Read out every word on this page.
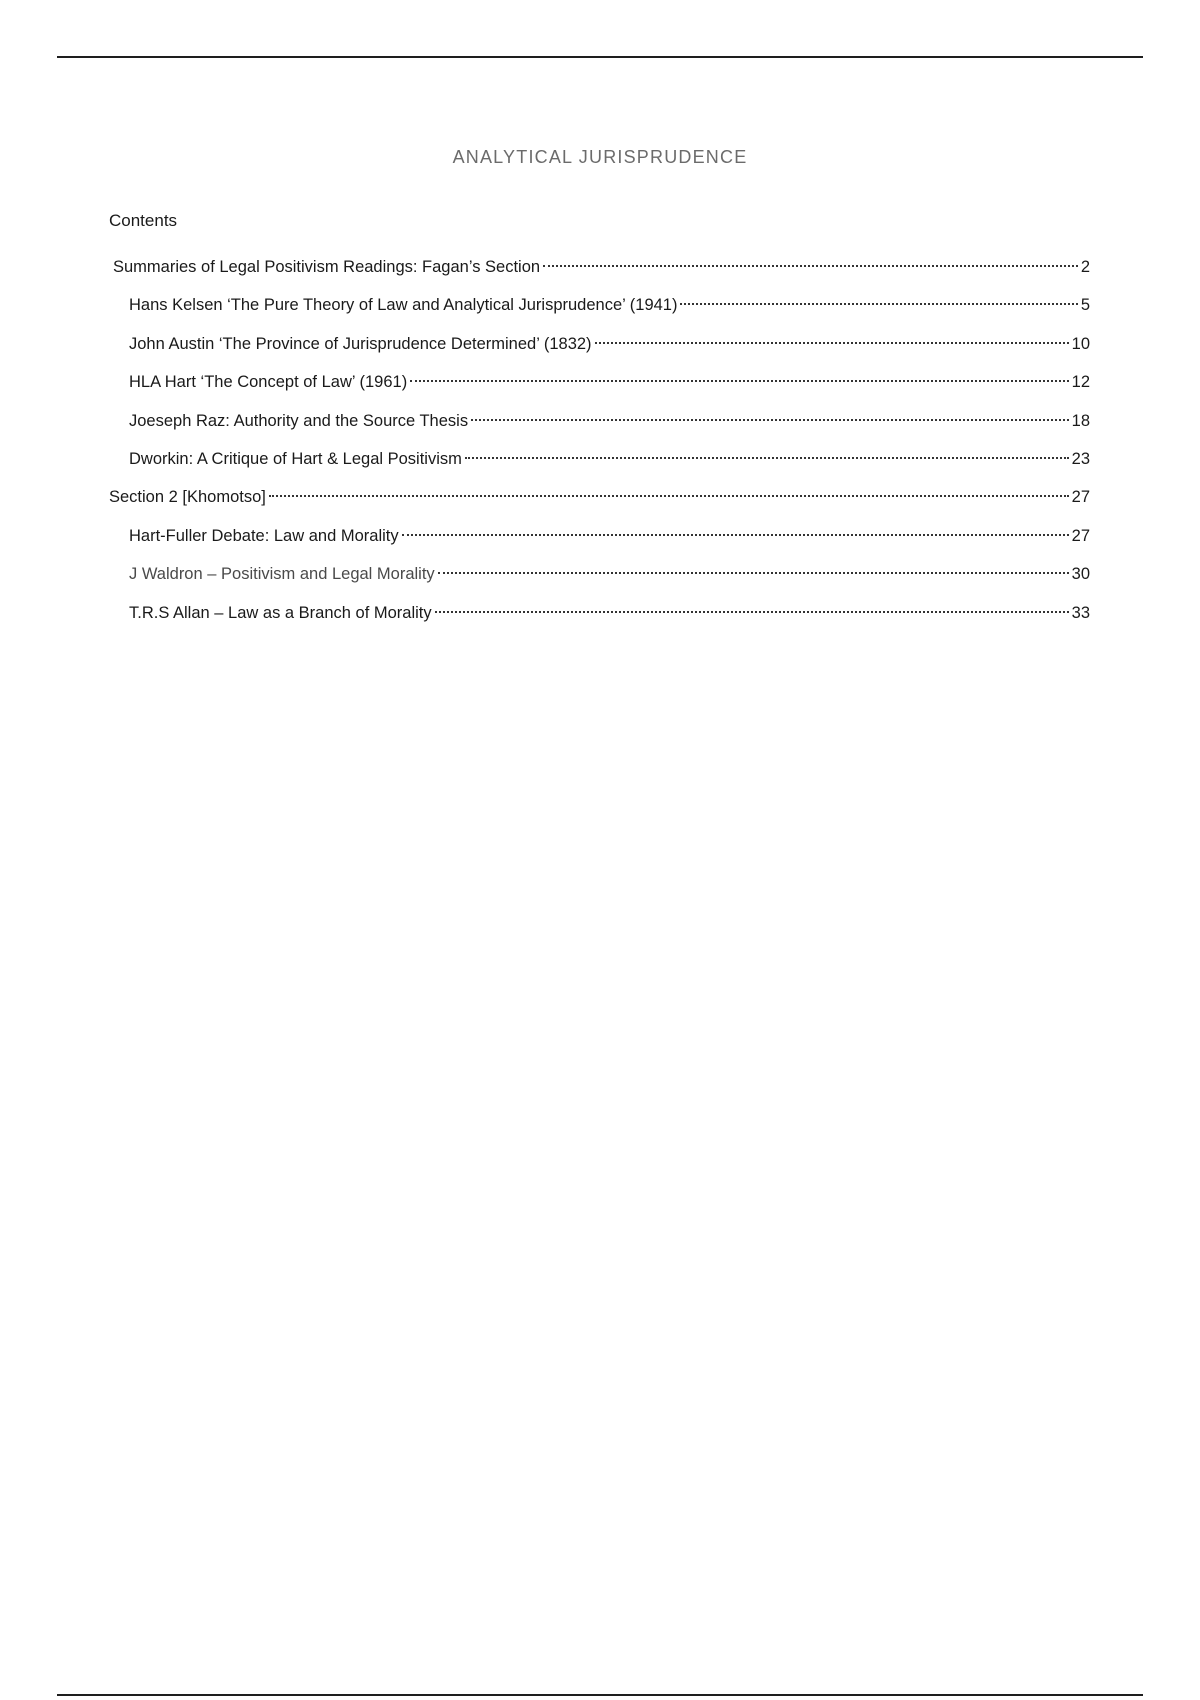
ANALYTICAL JURISPRUDENCE
Contents
Summaries of Legal Positivism Readings: Fagan’s Section	2
Hans Kelsen ‘The Pure Theory of Law and Analytical Jurisprudence’ (1941)	5
John Austin ‘The Province of Jurisprudence Determined’ (1832)	10
HLA Hart ‘The Concept of Law’ (1961)	12
Joeseph Raz: Authority and the Source Thesis	18
Dworkin: A Critique of Hart & Legal Positivism	23
Section 2 [Khomotso]	27
Hart-Fuller Debate: Law and Morality	27
J Waldron – Positivism and Legal Morality	30
T.R.S Allan – Law as a Branch of Morality	33
